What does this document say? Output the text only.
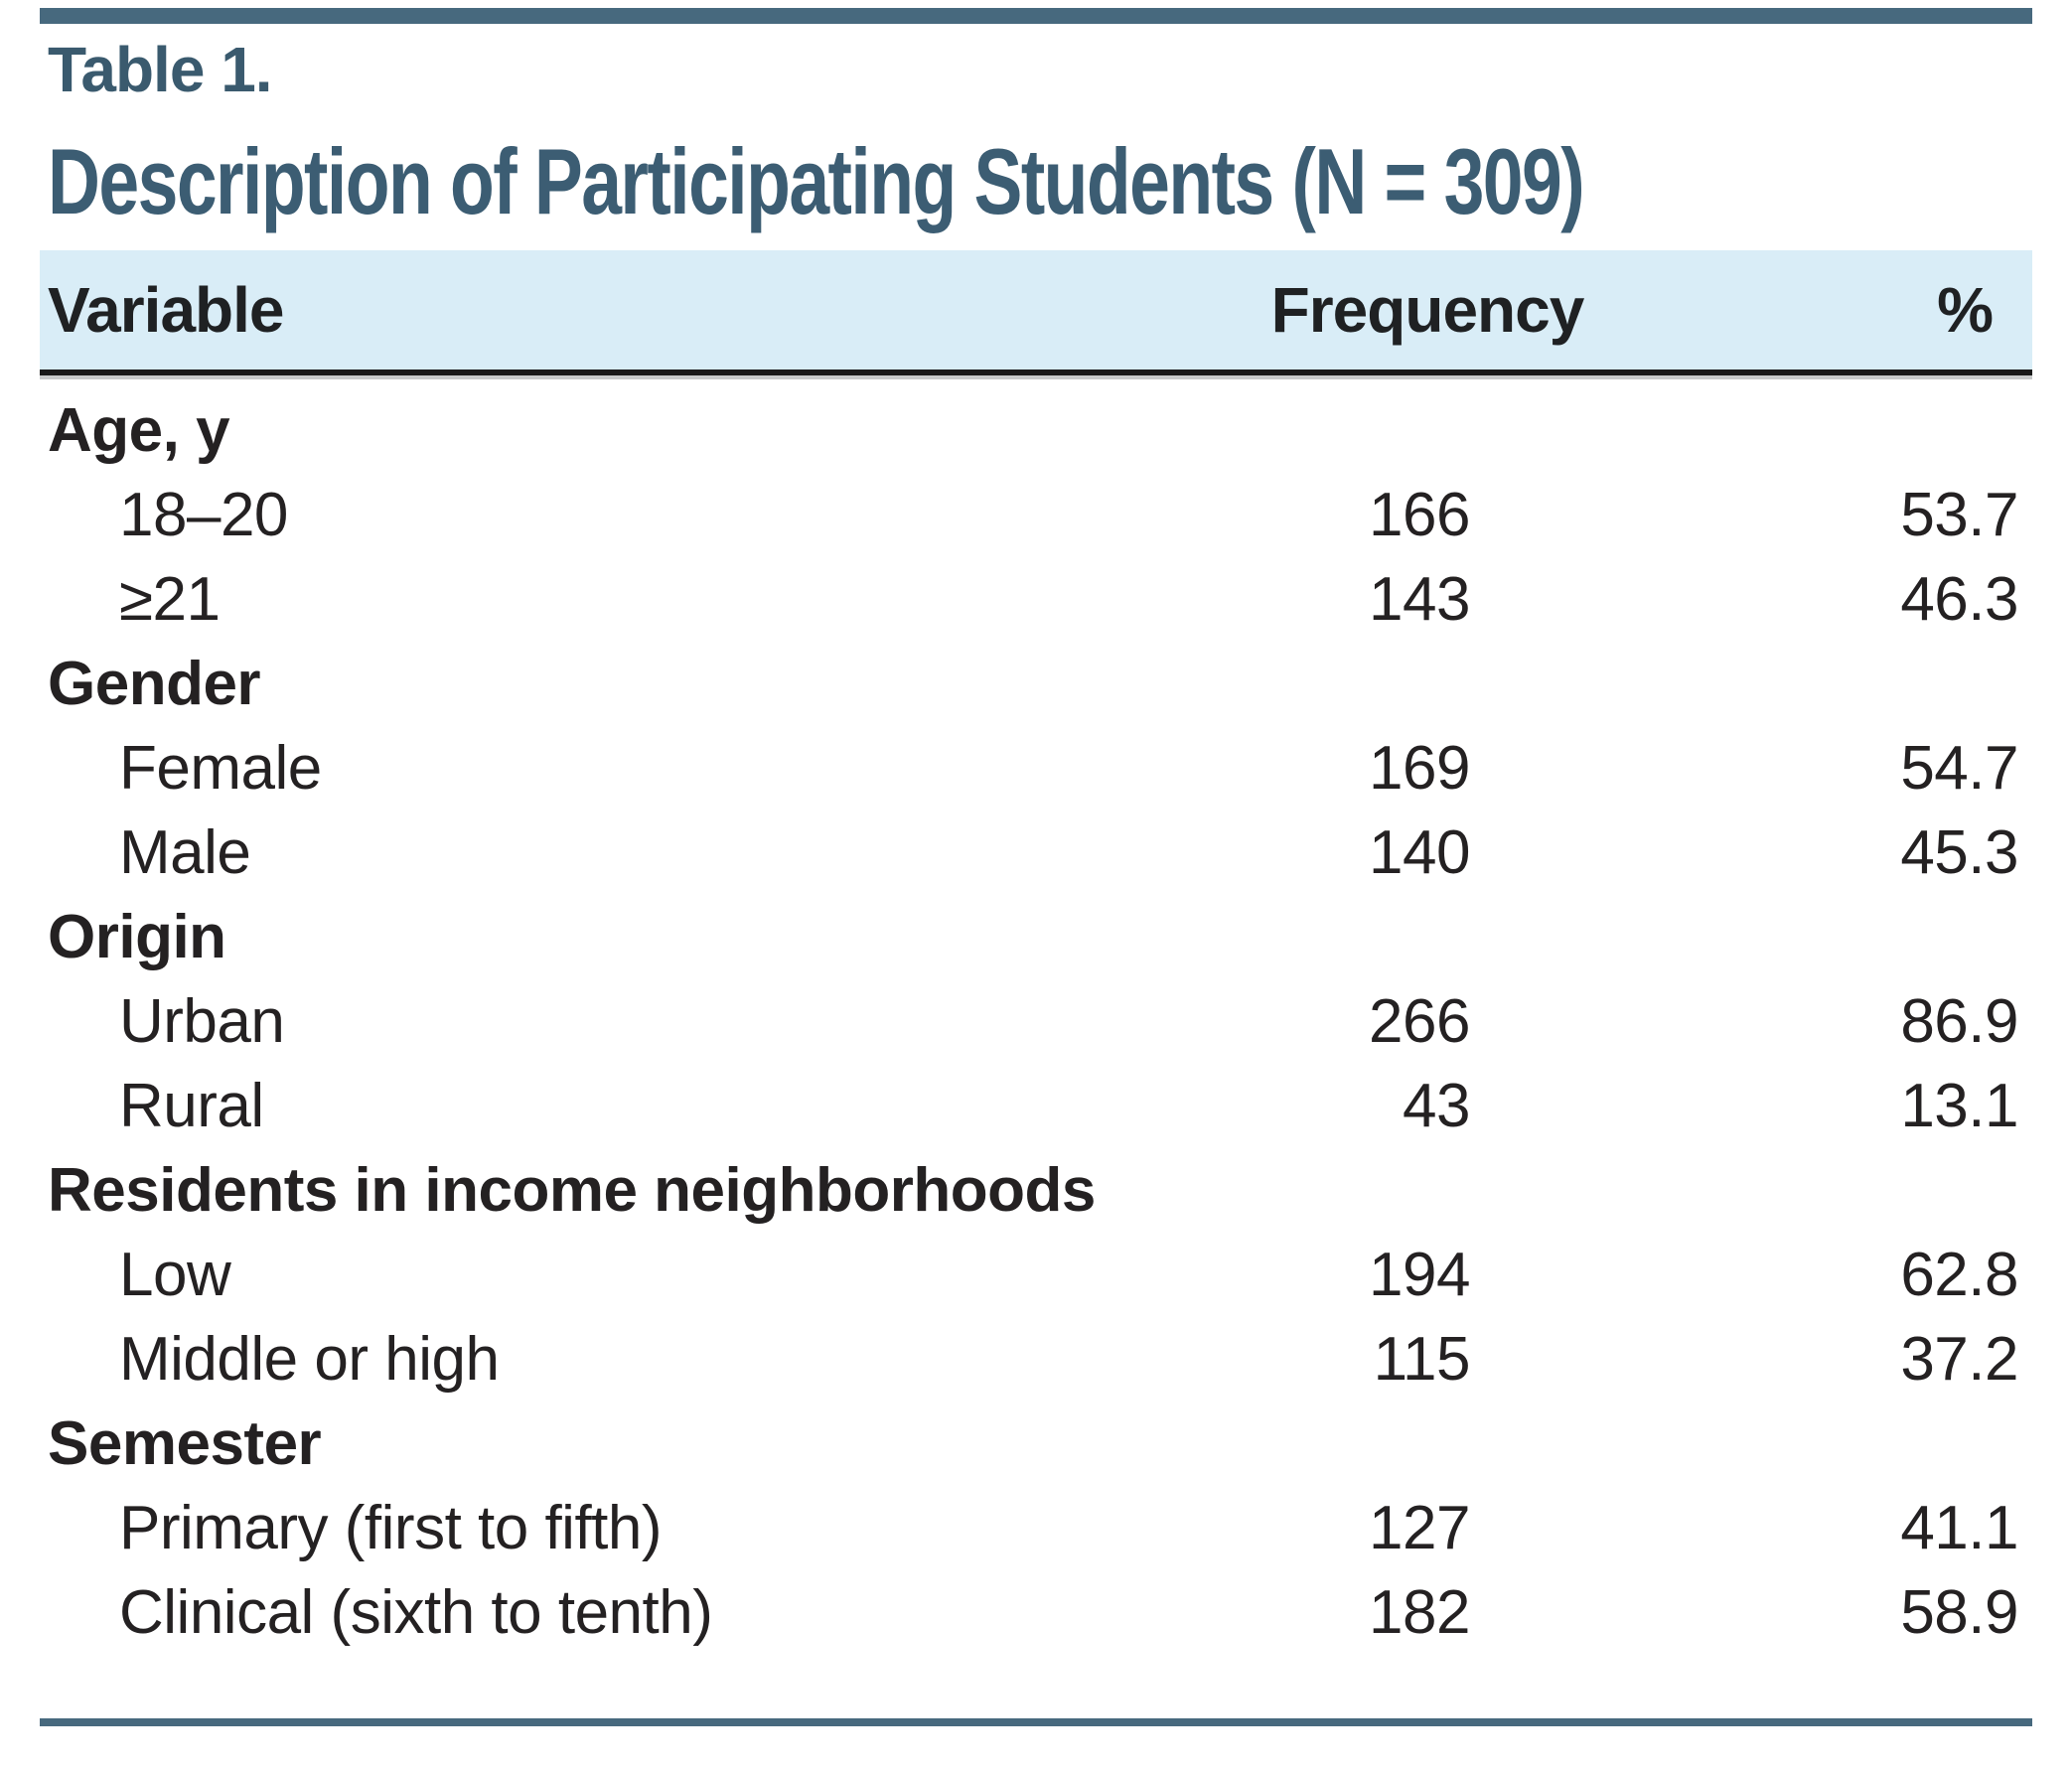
Table 1.
Description of Participating Students (N = 309)
Variable	Frequency	%
Age, y
18–20	166	53.7
≥21	143	46.3
Gender
Female	169	54.7
Male	140	45.3
Origin
Urban	266	86.9
Rural	43	13.1
Residents in income neighborhoods
Low	194	62.8
Middle or high	115	37.2
Semester
Primary (first to fifth)	127	41.1
Clinical (sixth to tenth)	182	58.9
